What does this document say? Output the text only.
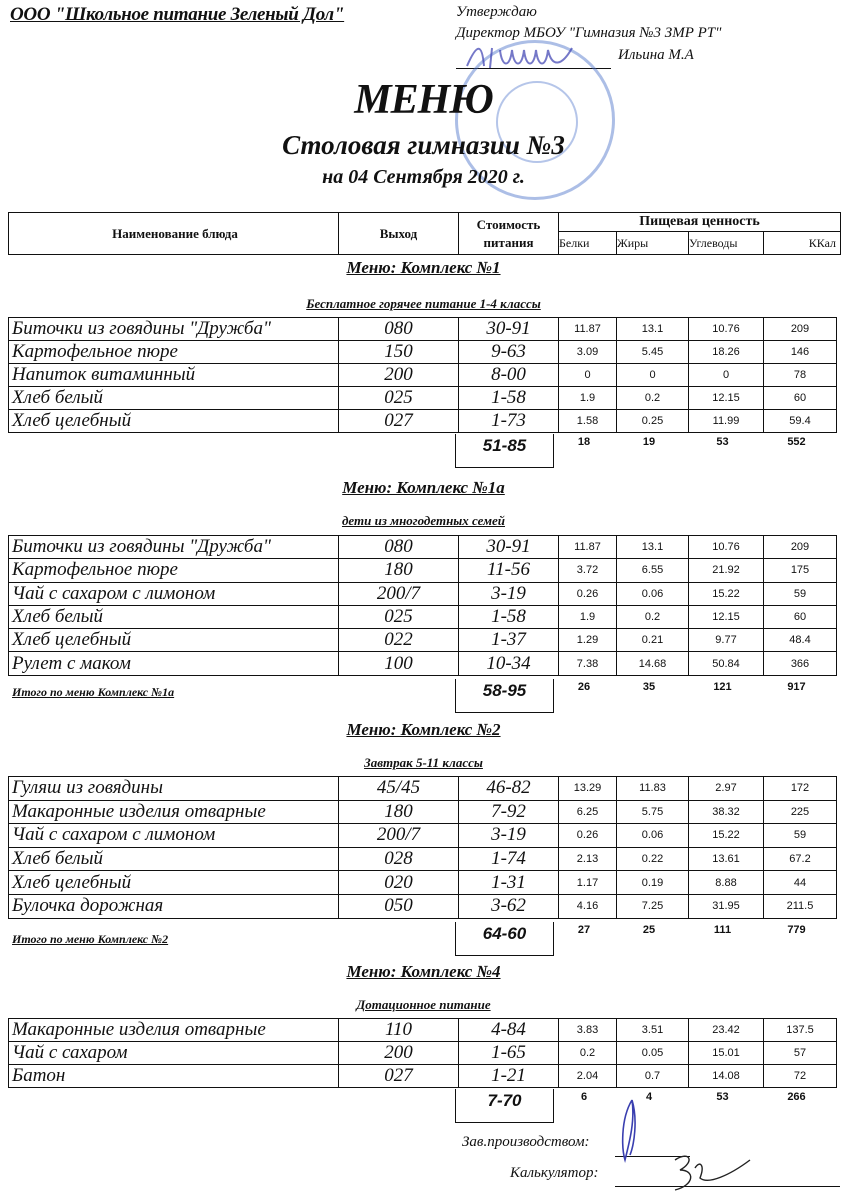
ООО "Школьное питание Зеленый Дол"	Утверждаю
Директор МБОУ "Гимназия №3 ЗМР РТ"
Ильина М.А
МЕНЮ
Столовая гимназии №3
на 04 Сентября 2020 г.
Наименование блюда	Выход	Стоимость питания	Пищевая ценность			
			Белки	Жиры	Углеводы	ККал
Меню: Комплекс №1
Бесплатное горячее питание 1-4 классы
Биточки из говядины "Дружба"	080	30-91	11.87	13.1	10.76	209
Картофельное пюре	150	9-63	3.09	5.45	18.26	146
Напиток витаминный	200	8-00	0	0	0	78
Хлеб белый	025	1-58	1.9	0.2	12.15	60
Хлеб целебный	027	1-73	1.58	0.25	11.99	59.4
51-85	18	19	53	552
Меню: Комплекс №1а
дети из многодетных семей
Биточки из говядины "Дружба"	080	30-91	11.87	13.1	10.76	209
Картофельное пюре	180	11-56	3.72	6.55	21.92	175
Чай с сахаром с лимоном	200/7	3-19	0.26	0.06	15.22	59
Хлеб белый	025	1-58	1.9	0.2	12.15	60
Хлеб целебный	022	1-37	1.29	0.21	9.77	48.4
Рулет с маком	100	10-34	7.38	14.68	50.84	366
58-95	26	35	121	917
Итого по меню Комплекс №1а
Меню: Комплекс №2
Завтрак 5-11 классы
Гуляш из говядины	45/45	46-82	13.29	11.83	2.97	172
Макаронные изделия отварные	180	7-92	6.25	5.75	38.32	225
Чай с сахаром с лимоном	200/7	3-19	0.26	0.06	15.22	59
Хлеб белый	028	1-74	2.13	0.22	13.61	67.2
Хлеб целебный	020	1-31	1.17	0.19	8.88	44
Булочка дорожная	050	3-62	4.16	7.25	31.95	211.5
64-60	27	25	111	779
Итого по меню Комплекс №2
Меню: Комплекс №4
Дотационное питание
Макаронные изделия отварные	110	4-84	3.83	3.51	23.42	137.5
Чай с сахаром	200	1-65	0.2	0.05	15.01	57
Батон	027	1-21	2.04	0.7	14.08	72
7-70	6	4	53	266
Зав.производством:
Калькулятор:
